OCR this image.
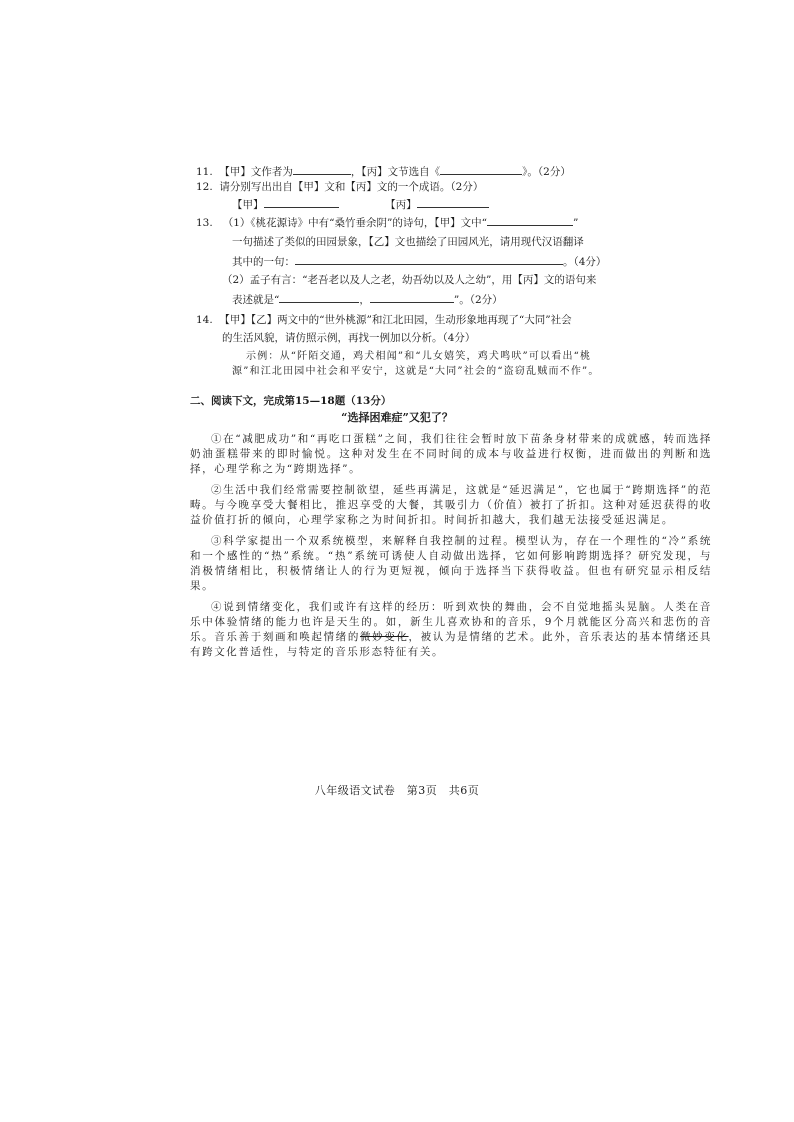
11. 【甲】文作者为	，【丙】文节选自《	》。（2分）
12. 请分别写出出自【甲】文和【丙】文的一个成语。（2分）
【甲】	【丙】
13. （1）《桃花源诗》中有“桑竹垂余阴”的诗句，【甲】文中“	”
一句描述了类似的田园景象，【乙】文也描绘了田园风光，请用现代汉语翻译
其中的一句：	。（4分）
（2）孟子有言：“老吾老以及人之老，幼吾幼以及人之幼”，用【丙】文的语句来
表述就是“	，	”。（2分）
14. 【甲】【乙】两文中的“世外桃源”和江北田园，生动形象地再现了“大同”社会
的生活风貌，请仿照示例，再找一例加以分析。（4分）
示例：从“阡陌交通，鸡犬相闻”和“儿女嬉笑，鸡犬鸣吠”可以看出“桃
源”和江北田园中社会和平安宁，这就是“大同”社会的“盗窃乱贼而不作”。
二、阅读下文，完成第15—18题（13分）
“选择困难症”又犯了？

①在“减肥成功”和“再吃口蛋糕”之间，我们往往会暂时放下苗条身材带来的成就感，转而选择奶油蛋糕带来的即时愉悦。这种对发生在不同时间的成本与收益进行权衡，进而做出的判断和选择，心理学称之为“跨期选择”。

②生活中我们经常需要控制欲望，延些再满足，这就是“延迟满足”，它也属于“跨期选择”的范畴。与今晚享受大餐相比，推迟享受的大餐，其吸引力（价值）被打了折扣。这种对延迟获得的收益价值打折的倾向，心理学家称之为时间折扣。时间折扣越大，我们越无法接受延迟满足。

③科学家提出一个双系统模型，来解释自我控制的过程。模型认为，存在一个理性的“冷”系统和一个感性的“热”系统。“热”系统可诱使人自动做出选择，它如何影响跨期选择？研究发现，与消极情绪相比，积极情绪让人的行为更短视，倾向于选择当下获得收益。但也有研究显示相反结果。

④说到情绪变化，我们或许有这样的经历：听到欢快的舞曲，会不自觉地摇头晃脑。人类在音乐中体验情绪的能力也许是天生的。如，新生儿喜欢协和的音乐，9个月就能区分高兴和悲伤的音乐。音乐善于刻画和唤起情绪的微妙变化，被认为是情绪的艺术。此外，音乐表达的基本情绪还具有跨文化普适性，与特定的音乐形态特征有关。

八年级语文试卷　第3页　共6页
